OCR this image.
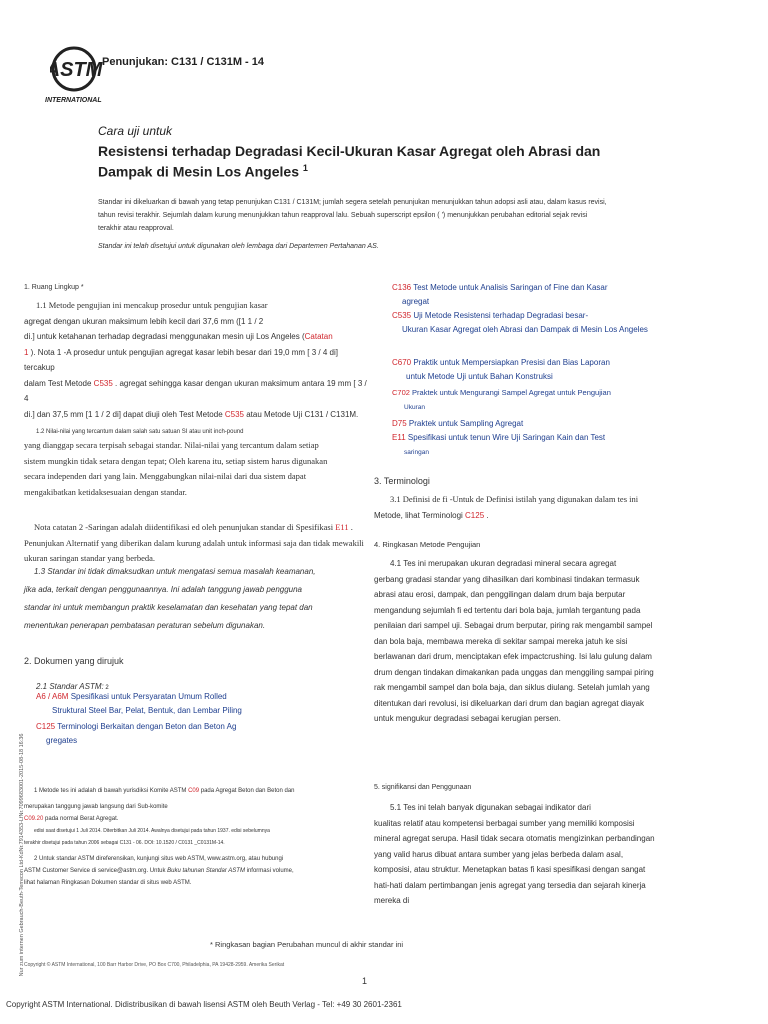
ASTM
INTERNATIONAL
Penunjukan: C131 / C131M - 14
Cara uji untuk
Resistensi terhadap Degradasi Kecil-Ukuran Kasar Agregat oleh Abrasi dan
Dampak di Mesin Los Angeles $^1$
Standar ini dikeluarkan di bawah yang tetap penunjukan C131 / C131M; jumlah segera setelah penunjukan menunjukkan tahun adopsi asli atau, dalam kasus revisi,
tahun revisi terakhir. Sejumlah dalam kurung menunjukkan tahun reapproval lalu. Sebuah superscript epsilon ( ') menunjukkan perubahan editorial sejak revisi
terakhir atau reapproval.
Standar ini telah disetujui untuk digunakan oleh lembaga dari Departemen Pertahanan AS.
1. Ruang Lingkup *

1.1 Metode pengujian ini mencakup prosedur untuk pengujian kasar

agregat dengan ukuran maksimum lebih kecil dari 37,6 mm ([1 1 / 2

di.] untuk ketahanan terhadap degradasi menggunakan mesin uji Los Angeles (Catatan

1 ). Nota 1 -A prosedur untuk pengujian agregat kasar lebih besar dari 19,0 mm [ 3 / 4 di] tercakup

dalam Test Metode C535 . agregat sehingga kasar dengan ukuran maksimum antara 19 mm [ 3 / 4

di.] dan 37,5 mm [1 1 / 2 di] dapat diuji oleh Test Metode C535 atau Metode Uji C131 / C131M.

1.2 Nilai-nilai yang tercantum dalam salah satu satuan SI atau unit inch-pound

yang dianggap secara terpisah sebagai standar. Nilai-nilai yang tercantum dalam setiap

sistem mungkin tidak setara dengan tepat; Oleh karena itu, setiap sistem harus digunakan

secara independen dari yang lain. Menggabungkan nilai-nilai dari dua sistem dapat

mengakibatkan ketidaksesuaian dengan standar.

Nota catatan 2 -Saringan adalah diidentifikasi ed oleh penunjukan standar di Spesifikasi E11 .

Penunjukan Alternatif yang diberikan dalam kurung adalah untuk informasi saja dan tidak mewakili

ukuran saringan standar yang berbeda.

1.3 Standar ini tidak dimaksudkan untuk mengatasi semua masalah keamanan,

jika ada, terkait dengan penggunaannya. Ini adalah tanggung jawab pengguna

standar ini untuk membangun praktik keselamatan dan kesehatan yang tepat dan

menentukan penerapan pembatasan peraturan sebelum digunakan.

2. Dokumen yang dirujuk
2.1 Standar ASTM: 2
A6 / A6M Spesifikasi untuk Persyaratan Umum Rolled
Struktural Steel Bar, Pelat, Bentuk, dan Lembar Piling
C125 Terminologi Berkaitan dengan Beton dan Beton Ag
gregates
1 Metode tes ini adalah di bawah yurisdiksi Komite ASTM C09 pada Agregat Beton dan Beton dan
merupakan tanggung jawab langsung dari Sub-komite
C09.20 pada normal Berat Agregat.
edisi saat disetujui 1 Juli 2014. Diterbitkan Juli 2014. Awalnya disetujui pada tahun 1937. edisi sebelumnya
terakhir disetujui pada tahun 2006 sebagai C131 - 06. DOI: 10.1520 / C0131 _C0131M-14.
2 Untuk standar ASTM direferensikan, kunjungi situs web ASTM, www.astm.org, atau hubungi
ASTM Customer Service di service@astm.org. Untuk Buku tahunan Standar ASTM informasi volume,
lihat halaman Ringkasan Dokumen standar di situs web ASTM.
C136 Test Metode untuk Analisis Saringan of Fine dan Kasar
agregat
C535 Uji Metode Resistensi terhadap Degradasi besar-
Ukuran Kasar Agregat oleh Abrasi dan Dampak di Mesin Los Angeles
C670 Praktik untuk Mempersiapkan Presisi dan Bias Laporan
untuk Metode Uji untuk Bahan Konstruksi
C702 Praktek untuk Mengurangi Sampel Agregat untuk Pengujian
Ukuran
D75 Praktek untuk Sampling Agregat
E11 Spesifikasi untuk tenun Wire Uji Saringan Kain dan Test
saringan
3. Terminologi

3.1 Definisi de fi -Untuk de Definisi istilah yang digunakan dalam tes ini

Metode, lihat Terminologi C125 .

4. Ringkasan Metode Pengujian

4.1 Tes ini merupakan ukuran degradasi mineral secara agregat

gerbang gradasi standar yang dihasilkan dari kombinasi tindakan termasuk

abrasi atau erosi, dampak, dan penggilingan dalam drum baja berputar

mengandung sejumlah fi ed tertentu dari bola baja, jumlah tergantung pada

penilaian dari sampel uji. Sebagai drum berputar, piring rak mengambil sampel

dan bola baja, membawa mereka di sekitar sampai mereka jatuh ke sisi

berlawanan dari drum, menciptakan efek impactcrushing. Isi lalu gulung dalam

drum dengan tindakan dimakankan pada unggas dan menggiling sampai piring

rak mengambil sampel dan bola baja, dan siklus diulang. Setelah jumlah yang

ditentukan dari revolusi, isi dikeluarkan dari drum dan bagian agregat diayak

untuk mengukur degradasi sebagai kerugian persen.

5. signifikansi dan Penggunaan

5.1 Tes ini telah banyak digunakan sebagai indikator dari

kualitas relatif atau kompetensi berbagai sumber yang memiliki komposisi

mineral agregat serupa. Hasil tidak secara otomatis mengizinkan perbandingan

yang valid harus dibuat antara sumber yang jelas berbeda dalam asal,

komposisi, atau struktur. Menetapkan batas fi kasi spesifikasi dengan sangat

hati-hati dalam pertimbangan jenis agregat yang tersedia dan sejarah kinerja

mereka di

Nur zum internen Gebrauch-Beuth-Terrecon Ltd-KdNr.7914353-LfNr.7099683001-2015-08-18 16:36	* Ringkasan bagian Perubahan muncul di akhir standar ini
Copyright © ASTM International, 100 Barr Harbor Drive, PO Box C700, Philadelphia, PA 19428-2959. Amerika Serikat
1
Copyright ASTM International. Didistribusikan di bawah lisensi ASTM oleh Beuth Verlag - Tel: +49 30 2601-2361
